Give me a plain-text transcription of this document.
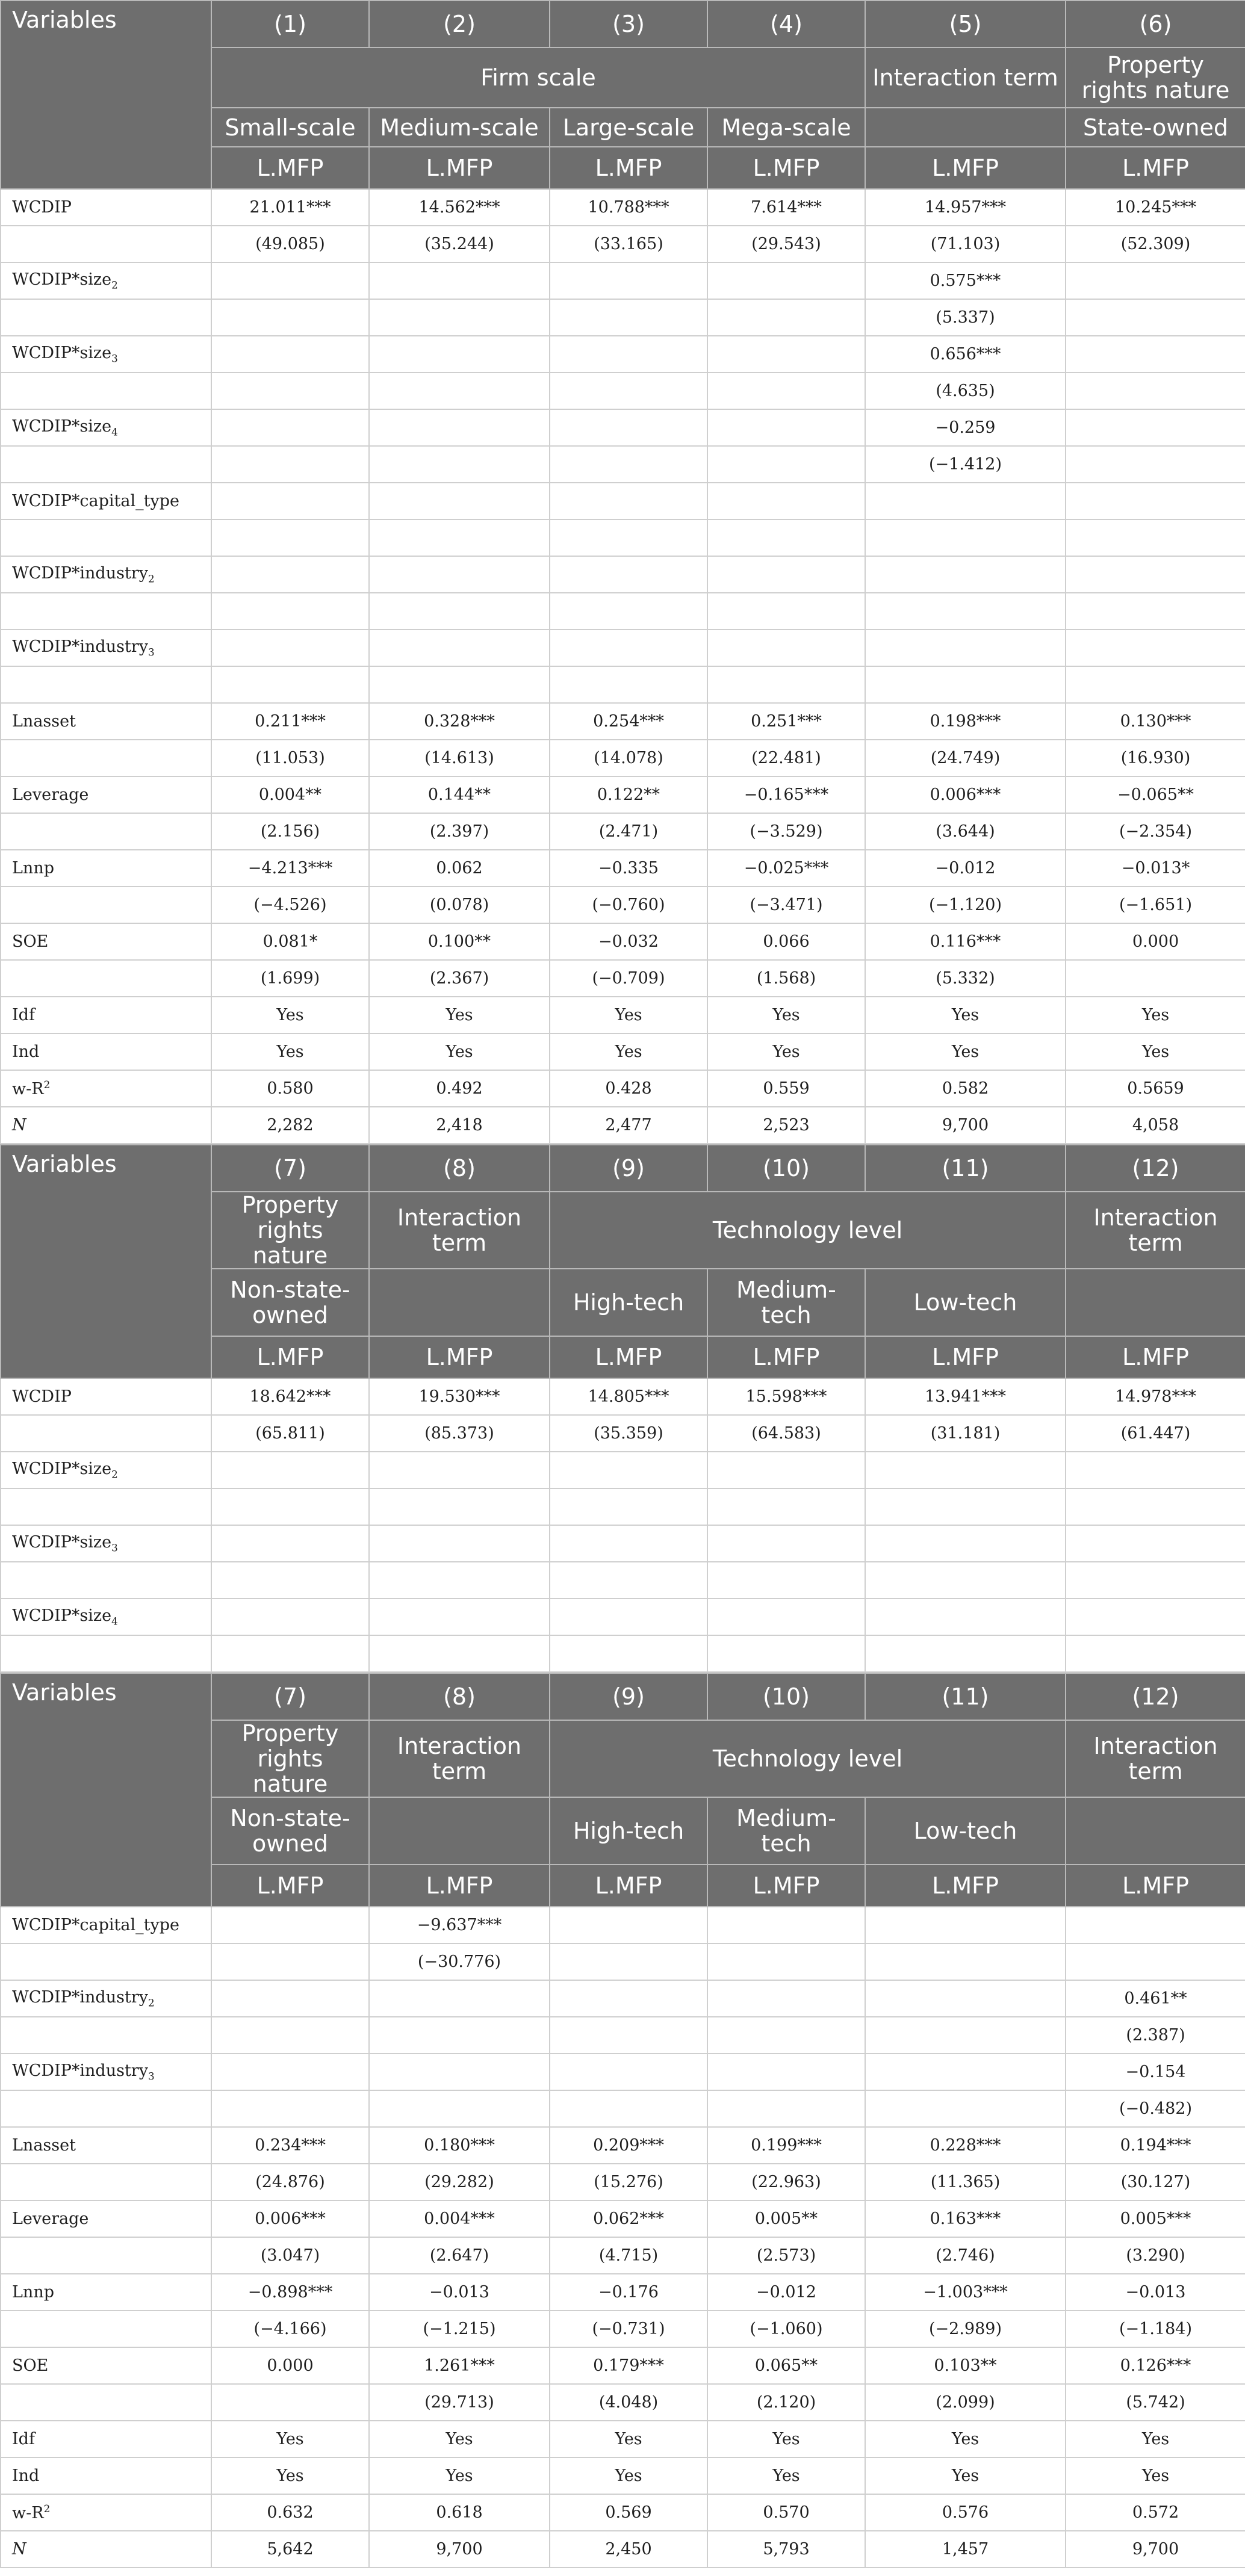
Variables	(1)	(2)	(3)	(4)	(5)	(6)
	Firm scale				Interaction term	Property rights nature
	Small-scale	Medium-scale	Large-scale	Mega-scale		State-owned
	L.MFP	L.MFP	L.MFP	L.MFP	L.MFP	L.MFP
WCDIP	21.011***	14.562***	10.788***	7.614***	14.957***	10.245***
	(49.085)	(35.244)	(33.165)	(29.543)	(71.103)	(52.309)
WCDIP*size$_2$					0.575***	
					(5.337)	
WCDIP*size$_3$					0.656***	
					(4.635)	
WCDIP*size$_4$					−0.259	
					(−1.412)	
WCDIP*capital_type						

WCDIP*industry$_2$						

WCDIP*industry$_3$						

Lnasset	0.211***	0.328***	0.254***	0.251***	0.198***	0.130***
	(11.053)	(14.613)	(14.078)	(22.481)	(24.749)	(16.930)
Leverage	0.004**	0.144**	0.122**	−0.165***	0.006***	−0.065**
	(2.156)	(2.397)	(2.471)	(−3.529)	(3.644)	(−2.354)
Lnnp	−4.213***	0.062	−0.335	−0.025***	−0.012	−0.013*
	(−4.526)	(0.078)	(−0.760)	(−3.471)	(−1.120)	(−1.651)
SOE	0.081*	0.100**	−0.032	0.066	0.116***	0.000
	(1.699)	(2.367)	(−0.709)	(1.568)	(5.332)	
Idf	Yes	Yes	Yes	Yes	Yes	Yes
Ind	Yes	Yes	Yes	Yes	Yes	Yes
$w-R^2$	0.580	0.492	0.428	0.559	0.582	0.5659
N	2,282	2,418	2,477	2,523	9,700	4,058
Variables	(7)	(8)	(9)	(10)	(11)	(12)
	Property rights nature	Interaction term	Technology level			Interaction term
	Non-state-owned		High-tech	Medium-tech	Low-tech	
	L.MFP	L.MFP	L.MFP	L.MFP	L.MFP	L.MFP
WCDIP	18.642***	19.530***	14.805***	15.598***	13.941***	14.978***
	(65.811)	(85.373)	(35.359)	(64.583)	(31.181)	(61.447)
WCDIP*size$_2$						

WCDIP*size$_3$						

WCDIP*size$_4$						

Variables	(7)	(8)	(9)	(10)	(11)	(12)
	Property rights nature	Interaction term	Technology level			Interaction term
	Non-state-owned		High-tech	Medium-tech	Low-tech	
	L.MFP	L.MFP	L.MFP	L.MFP	L.MFP	L.MFP
WCDIP*capital_type		−9.637***				
		(−30.776)				
WCDIP*industry$_2$						0.461**
						(2.387)
WCDIP*industry$_3$						−0.154
						(−0.482)
Lnasset	0.234***	0.180***	0.209***	0.199***	0.228***	0.194***
	(24.876)	(29.282)	(15.276)	(22.963)	(11.365)	(30.127)
Leverage	0.006***	0.004***	0.062***	0.005**	0.163***	0.005***
	(3.047)	(2.647)	(4.715)	(2.573)	(2.746)	(3.290)
Lnnp	−0.898***	−0.013	−0.176	−0.012	−1.003***	−0.013
	(−4.166)	(−1.215)	(−0.731)	(−1.060)	(−2.989)	(−1.184)
SOE	0.000	1.261***	0.179***	0.065**	0.103**	0.126***
		(29.713)	(4.048)	(2.120)	(2.099)	(5.742)
Idf	Yes	Yes	Yes	Yes	Yes	Yes
Ind	Yes	Yes	Yes	Yes	Yes	Yes
$w-R^2$	0.632	0.618	0.569	0.570	0.576	0.572
N	5,642	9,700	2,450	5,793	1,457	9,700
